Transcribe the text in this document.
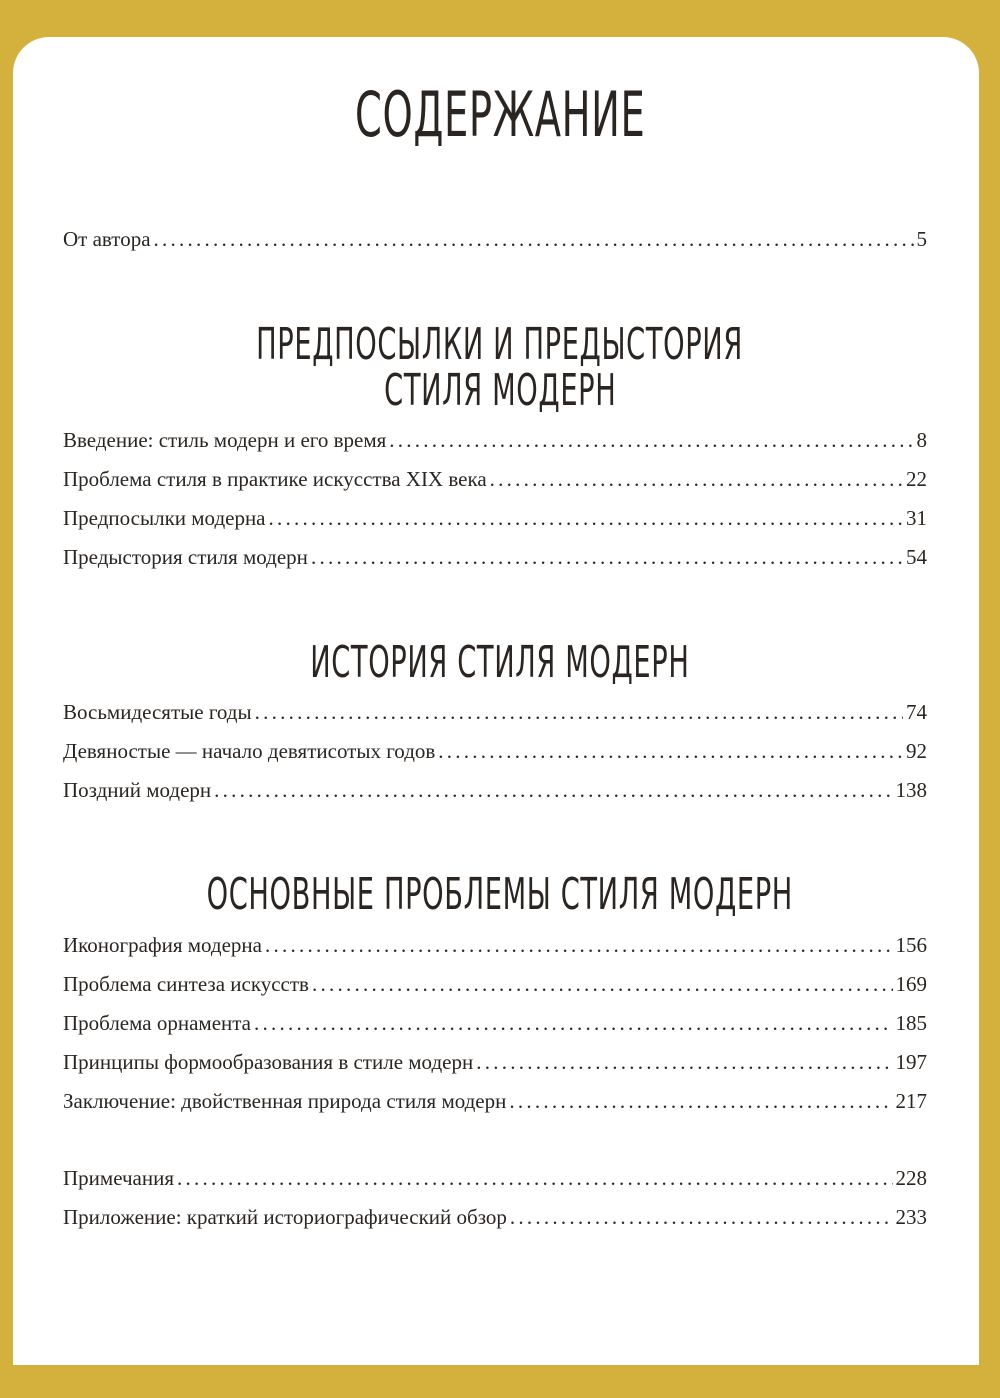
СОДЕРЖАНИЕ
От автора . . .	5
ПРЕДПОСЫЛКИ И ПРЕДЫСТОРИЯ
СТИЛЯ МОДЕРН
Введение: стиль модерн и его время . . .	8
Проблема стиля в практике искусства XIX века . . .	22
Предпосылки модерна . . .	31
Предыстория стиля модерн . . .	54
ИСТОРИЯ СТИЛЯ МОДЕРН
Восьмидесятые годы . . .	74
Девяностые — начало девятисотых годов . . .	92
Поздний модерн . . .	138
ОСНОВНЫЕ ПРОБЛЕМЫ СТИЛЯ МОДЕРН
Иконография модерна . . .	156
Проблема синтеза искусств . . .	169
Проблема орнамента . . .	185
Принципы формообразования в стиле модерн . . .	197
Заключение: двойственная природа стиля модерн . . .	217
Примечания . . .	228
Приложение: краткий историографический обзор . . .	233
